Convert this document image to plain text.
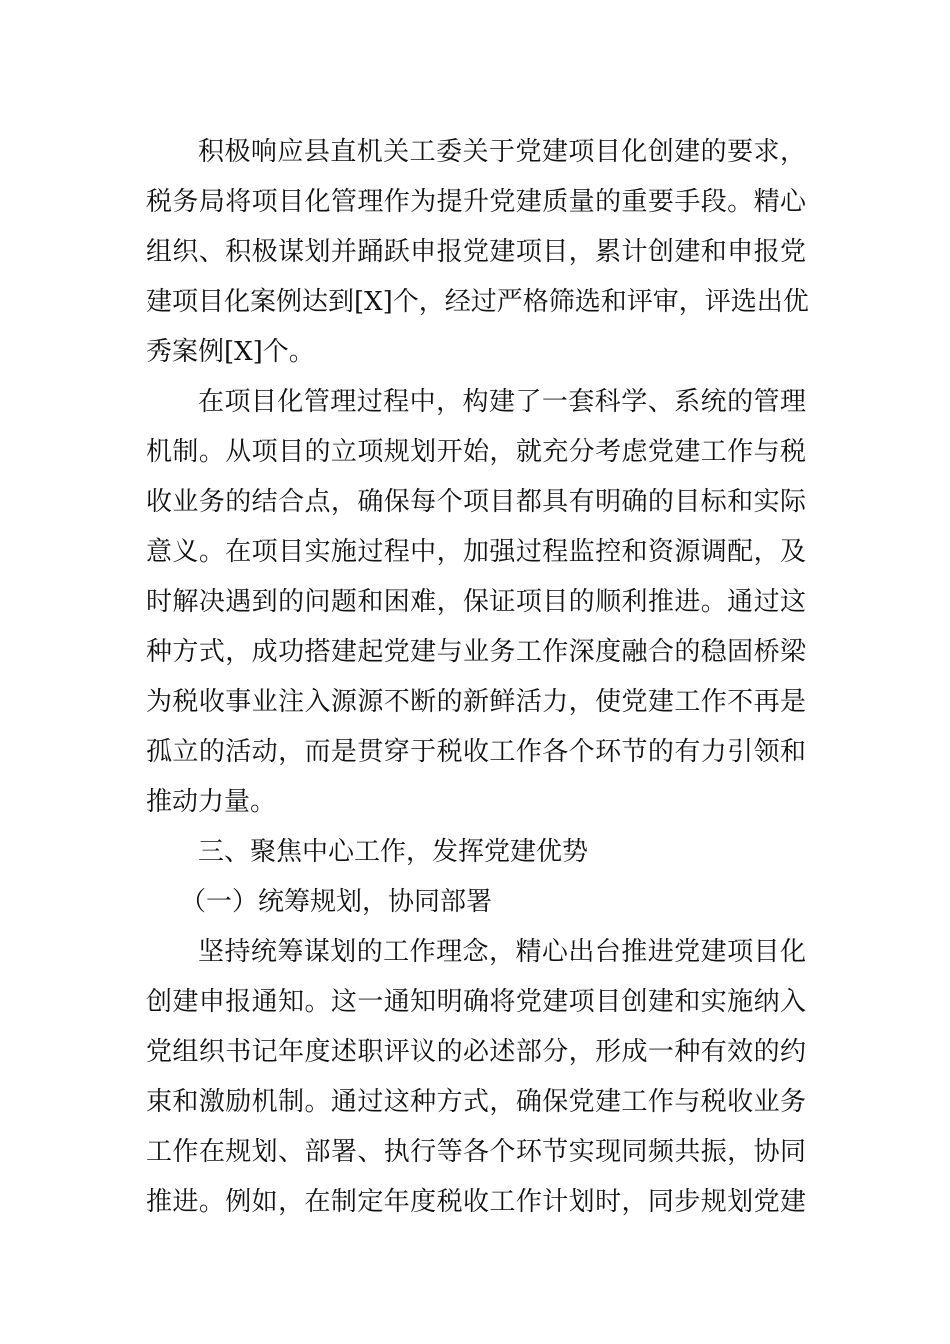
积极响应县直机关工委关于党建项目化创建的要求，
税务局将项目化管理作为提升党建质量的重要手段。精心
组织、积极谋划并踊跃申报党建项目，累计创建和申报党
建项目化案例达到[X]个，经过严格筛选和评审，评选出优
秀案例[X]个。
在项目化管理过程中，构建了一套科学、系统的管理
机制。从项目的立项规划开始，就充分考虑党建工作与税
收业务的结合点，确保每个项目都具有明确的目标和实际
意义。在项目实施过程中，加强过程监控和资源调配，及
时解决遇到的问题和困难，保证项目的顺利推进。通过这
种方式，成功搭建起党建与业务工作深度融合的稳固桥梁
为税收事业注入源源不断的新鲜活力，使党建工作不再是
孤立的活动，而是贯穿于税收工作各个环节的有力引领和
推动力量。
三、聚焦中心工作，发挥党建优势
（一）统筹规划，协同部署
坚持统筹谋划的工作理念，精心出台推进党建项目化
创建申报通知。这一通知明确将党建项目创建和实施纳入
党组织书记年度述职评议的必述部分，形成一种有效的约
束和激励机制。通过这种方式，确保党建工作与税收业务
工作在规划、部署、执行等各个环节实现同频共振，协同
推进。例如，在制定年度税收工作计划时，同步规划党建
